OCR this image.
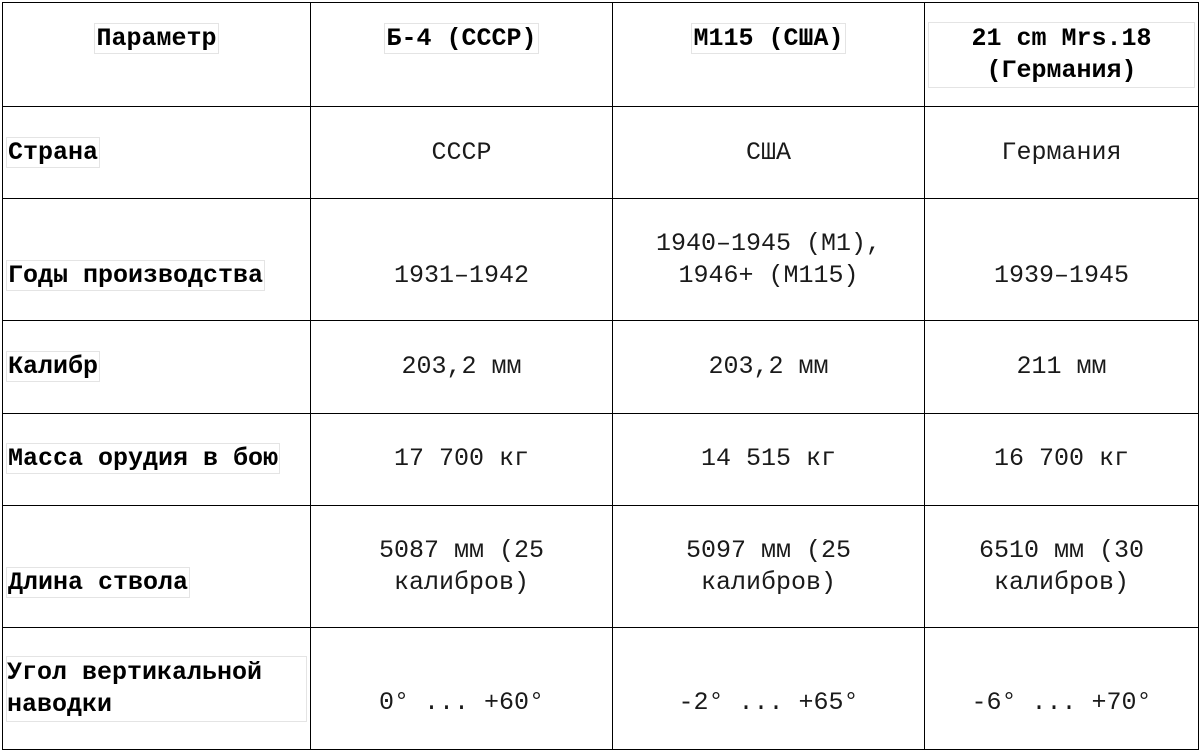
Параметр	Б-4 (СССР)	M115 (США)	21 cm Mrs.18 (Германия)
Страна	СССР	США	Германия
Годы производства	1931–1942	1940–1945 (M1), 1946+ (M115)	1939–1945
Калибр	203,2 мм	203,2 мм	211 мм
Масса орудия в бою	17 700 кг	14 515 кг	16 700 кг
Длина ствола	5087 мм (25 калибров)	5097 мм (25 калибров)	6510 мм (30 калибров)
Угол вертикальной наводки	0° ... +60°	-2° ... +65°	-6° ... +70°
